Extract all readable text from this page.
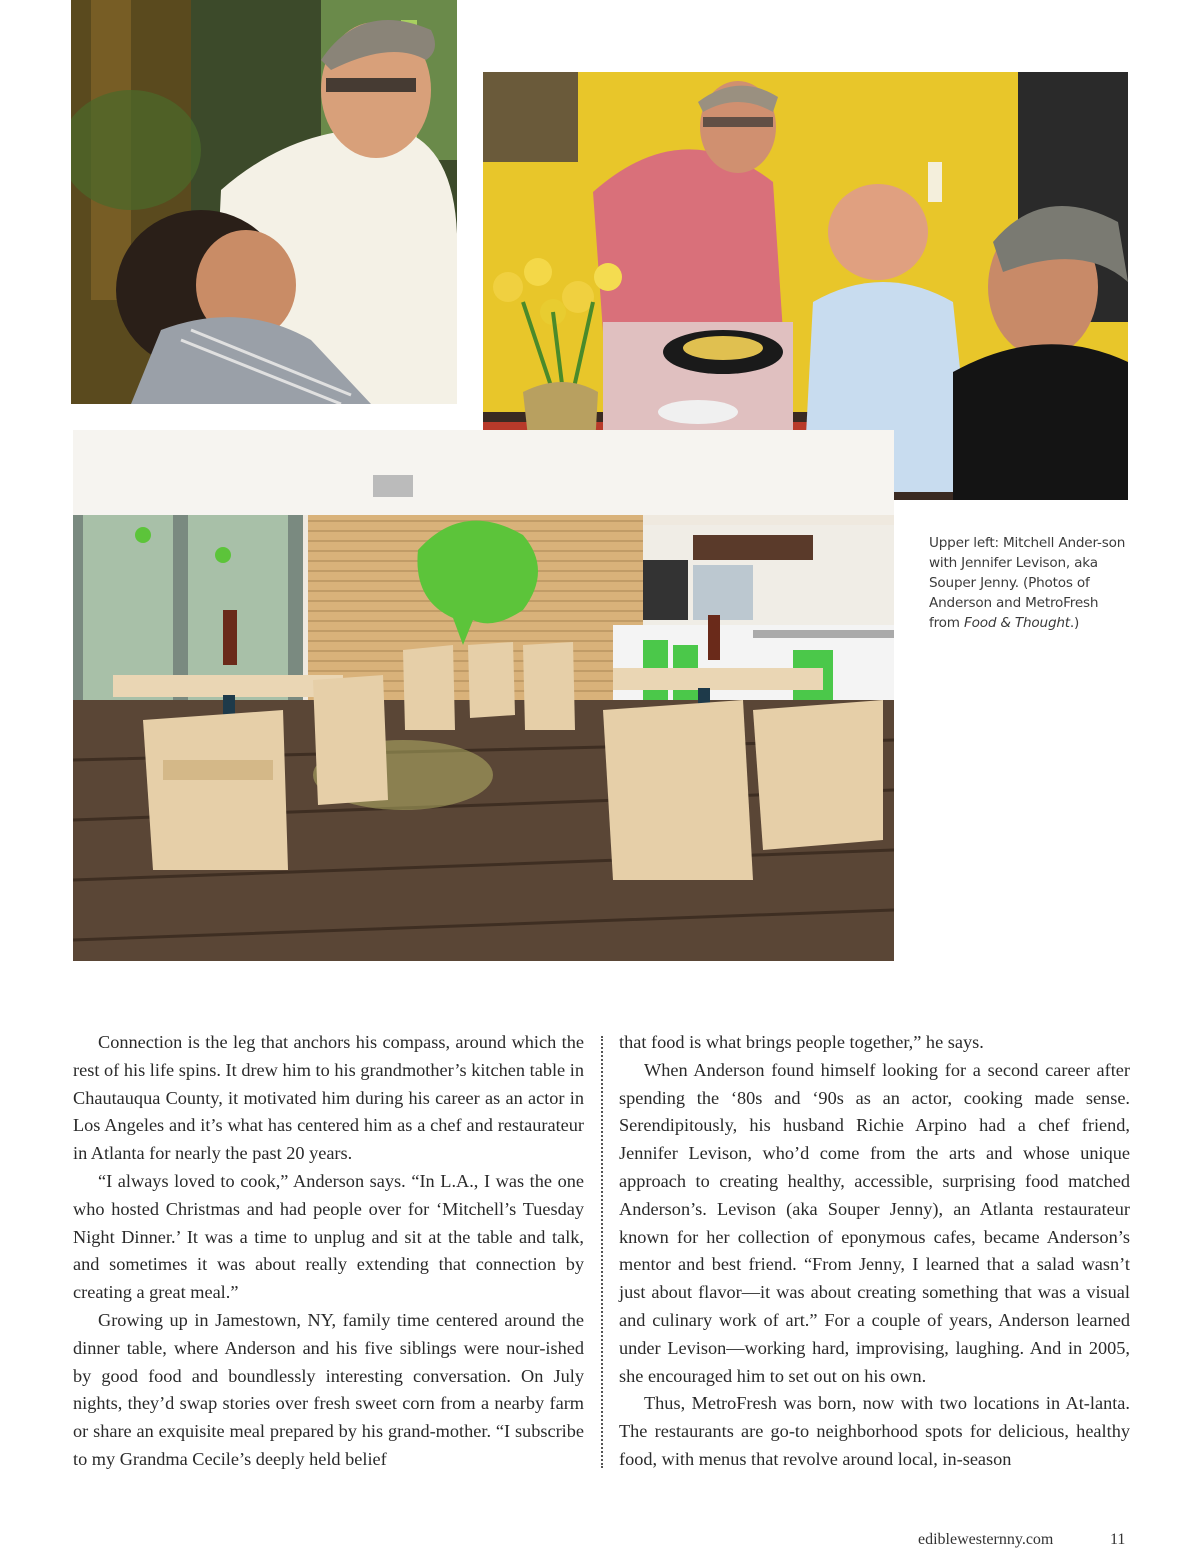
Upper left: Mitchell Ander-son with Jennifer Levison, aka Souper Jenny. (Photos of Anderson and MetroFresh from Food & Thought.)

Connection is the leg that anchors his compass, around which the rest of his life spins. It drew him to his grandmother’s kitchen table in Chautauqua County, it motivated him during his career as an actor in Los Angeles and it’s what has centered him as a chef and restaurateur in Atlanta for nearly the past 20 years.

“I always loved to cook,” Anderson says. “In L.A., I was the one who hosted Christmas and had people over for ‘Mitchell’s Tuesday Night Dinner.’ It was a time to unplug and sit at the table and talk, and sometimes it was about really extending that connection by creating a great meal.”

Growing up in Jamestown, NY, family time centered around the dinner table, where Anderson and his five siblings were nour-ished by good food and boundlessly interesting conversation. On July nights, they’d swap stories over fresh sweet corn from a nearby farm or share an exquisite meal prepared by his grand-mother. “I subscribe to my Grandma Cecile’s deeply held belief

that food is what brings people together,” he says.

When Anderson found himself looking for a second career after spending the ‘80s and ‘90s as an actor, cooking made sense. Serendipitously, his husband Richie Arpino had a chef friend, Jennifer Levison, who’d come from the arts and whose unique approach to creating healthy, accessible, surprising food matched Anderson’s. Levison (aka Souper Jenny), an Atlanta restaurateur known for her collection of eponymous cafes, became Anderson’s mentor and best friend. “From Jenny, I learned that a salad wasn’t just about flavor—it was about creating something that was a visual and culinary work of art.” For a couple of years, Anderson learned under Levison—working hard, improvising, laughing. And in 2005, she encouraged him to set out on his own.

Thus, MetroFresh was born, now with two locations in At-lanta. The restaurants are go-to neighborhood spots for delicious, healthy food, with menus that revolve around local, in-season

ediblewesternny.com	11
